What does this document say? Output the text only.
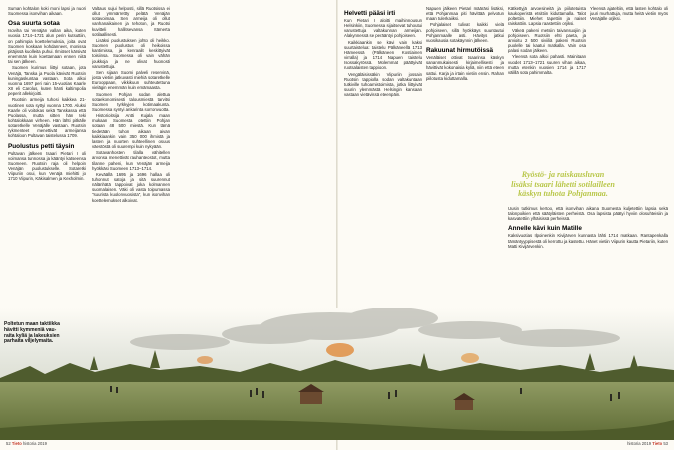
Suman kohtalon koki moni lapsi ja nuori Suomessa isonvihan aikaan.

Osa suurta sotaa

Isoviha tai Venäjän vallan aika, kuten vuosia 1714–1721 alun perin kutsuttiin, on pahimpia koettelemuksia, joita ovat Suomen koskaan kohdanneet, monissa pitäjissä kuolleita puhui. Ilmiöset kärsivät enemmän kuin koettamaan ennen niitä tai sen jälkeen.

Suomen kurimus liittyi sotaan, jota Venäjä, Tanska ja Puola kävivät Ruotsin kuningaskuntaa vastaan. Sota alkoi vuonna 1697 peri rain 15-vuotias Kaarle XII eli Carolus, kuten hänti kaltimpolia peperit allekirjoitti.

Ruotsin armeija tuhosi kaikkea 21-vuotinen sota syttyi vuonna 1700. Aluksi Kaarle oli voitokas sekä Tanskassa että Puolassa, mutta sitten hän teki kohtalokkaan virheen. Hän lähti pitkälle sotaretkelle Venäjälle vastaan. Ruotsin rykmenteet menettivät armeijansa kohtaloon Pultavan taistelussa 1709.

Puolustus petti täysin

Pultavan jälkeen tsaari Pietari I oli voimansa tunnossa ja kääntyi katseensa Suomeen. Ruotsin raja oli helpoin Venäjän puolustukselle. Sotaretki Viipuriin osui, kun Venäjä miehitti jo 1710 Viipurin, Käkisalmen ja Kexholmin.

Valtaus sujui helposti, sillä Ruotsissa ei ollut ymmärrettty pelätä Venäjän sotavoimaa. Sen armeija oli ollut vanhanaikainen ja tehoton, ja Ruotsi kuvitteli hallitsevansa Itämerta sotilaallisesti.

Lisäksi puolustuksen johto oli heikko. Suomen puolustus oli heikoissa kantimissa, ja kenraalit keskittyivät toisiinsa. Suomessa oli vain vähän joukkoja ja ne olivat huonosti varustettuja.

Sen sijaan Suomi palveli reservinä, josta vietiin jatkuvasti miehiä sotaretkelle Eurooppaan, vikkikuun suhteutettuna vielägin enemmän kuin emämaasta.

Suomen Pohjan sodan alettua sotaekonomisesti talousmiestä tarvitsi Suomen tyrkkyjen kotimaakunta. Suomessa syntyi ankarinta sorronvuotta.

Historioitsija Antti Kujala maan mukaan Suomesta otettiin Pohjan sotaan 48 500 miestä. Kun tämä tiedetään tuhon aikaan aivan kaikkiaankin vain 350 000 ihmistä ja lasten ja nuorten suhteellinen osuus väestöstä oli suurempi kuin nykyään.

Sotavanhosten tilalla vähitellen arvonsa menettivät rauhanteostot, mutta tilanne paheni, kun Venäjän armeija hyökkäsi Suomeen 1713–1714.

Keväällä 1695 ja 1696 hallaa oli tuhonnut satoja ja sitä suurennut nälänhätä tappoivat joka kolmannen suomalaisen. Väki oli vasta toipumassa "suurista kuolonvuosista", kun isonvihan koettelemukset alkoivat.

Helvetti pääsi irti

Kun Pietari I aloitti maihinnousun Helsinkiin, Suomessa sijaitsevat tuhoutui varustettuja valtakunnan armeijan. Alakynnessä se perääntyi pohjoiseen.

Kaikkiaankin se kävi vain kaksi suurtaistelua: taistelu Pälkäneellä 1713 Hämeessä (Pälkäneen Kostiainen virralla) ja 1714 Napuen taistelu Isossakyrössä. Molemmat päättyivät ruotsalaisten tappioon.

Vengäläisissäkin Viipuriin jossain Ruotsin tappiolla sodan valtakuntaan tutkiville tuhoamistoimista, jotka liittyivät suurin ylemmästä Helsingin kansaan vastaan vietävissä eteenpäin.

Napuen jälkeen Pietari määräsi lisäksi, että Pohjanmaa piti hävittää pelvotun maan tulerkaiiksi.

Pohjalaiset tulivat kaikki vielä pohjoiseen, sillä hyökkäys suuntautui Pohjanmaalle asti. Hävitys jatkui vuosikausia sotakäynnin jälkeen.

Rakuunat hirmutöissä

Venäläiset ottivat tsaarinsa käskyn sananmukaisesti kirjaimellisesti ja hävittivät kokonaisia kyliä, niin että eteen sattui. Karja ja irtain vietiin ensin. Rahan piilotusta kiduttamalla.

Kätkettyjä arvoesineitä ja piilotetuista kaukoperistä etsittiin kiduttamalla. Talot poltettiin. Miehet tapettiin ja naiset raiskattiin. Lapsia raastettiin orjiksi.

Väkeä pakeni metsiin taivansuojiin ja pohjoiseen. Ruotsiin ehti paeta, ja arvioitu 2 500 siviiliä pakeni Ruotsin puolelle tai kaatui matkalla. Vain osa palasi sodan jälkeen.

Yleensä sota alkoi pahasti. Mainitaan vuodet 1713–1721 suuren vihan aikaa, mutta etenkin vuosien 1714 ja 1717 välillä sota pahimmalta.

Yleensä ajateltiin, että lasten kohtalo oli juuri murhattuja, mutta heitä vietiin myös Venäjälle orjiksi.

Ryöstö- ja raiskausluvan
lisäksi tsaari lähetti sotilailleen
käskyn tuhota Pohjanmaa.

Uusin tutkimus kertoo, että isonvihan aikana Suomesta kuljetettiin lapsia sekä talonpoikien että säätyläisten perheistä. Osa lapsista päätyi hyviin olosuhteisiin ja kasvatettiin ylhäisissä perheissä.

Annelle kävi kuin Matille

Kaksivuotias Ilpoinenkin Kivijärven kunnasta lähti 1714 matkaan. Rantapenkalla tämäntyyppisestä oli kerrottu ja kastettu. Hänet vietiin Viipurin kautta Pietariin, kuten Matti Kivijärvenkin.

Poltetun maan taktiikka
hävitti kymmeniä vau-
raita kyliä ja lakeuksien
parhaita viljelymaita.
52 Tieto historia 2019	historia 2019 Tieto 53
